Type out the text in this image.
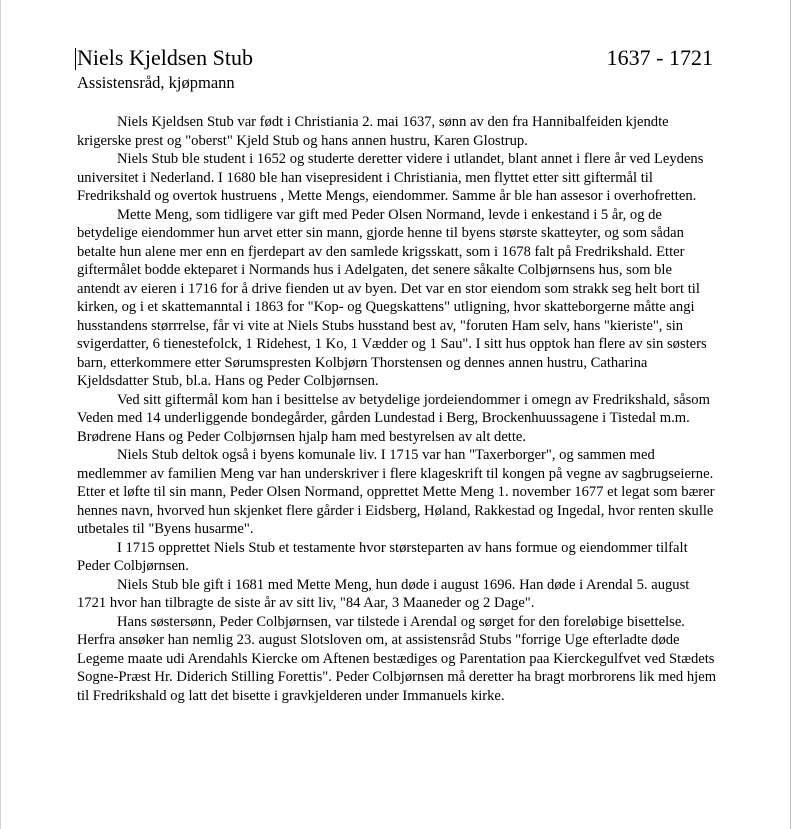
Niels Kjeldsen Stub	1637 - 1721
Assistensråd, kjøpmann

Niels Kjeldsen Stub var født i Christiania 2. mai 1637, sønn av den fra Hannibalfeiden kjendte krigerske prest og "oberst" Kjeld Stub og hans annen hustru, Karen Glostrup.

Niels Stub ble student i 1652 og studerte deretter videre i utlandet, blant annet i flere år ved Leydens universitet i Nederland. I 1680 ble han visepresident i Christiania, men flyttet etter sitt giftermål til Fredrikshald og overtok hustruens , Mette Mengs, eiendommer. Samme år ble han assesor i overhofretten.

Mette Meng, som tidligere var gift med Peder Olsen Normand, levde i enkestand i 5 år, og de betydelige eiendommer hun arvet etter sin mann, gjorde henne til byens største skatteyter, og som sådan betalte hun alene mer enn en fjerdepart av den samlede krigsskatt, som i 1678 falt på Fredrikshald. Etter giftermålet bodde ekteparet i Normands hus i Adelgaten, det senere såkalte Colbjørnsens hus, som ble antendt av eieren i 1716 for å drive fienden ut av byen. Det var en stor eiendom som strakk seg helt bort til kirken, og i et skattemanntal i 1863 for "Kop- og Quegskattens" utligning, hvor skatteborgerne måtte angi husstandens størrrelse, får vi vite at Niels Stubs husstand best av, "foruten Ham selv, hans "kieriste", sin svigerdatter, 6 tienestefolck, 1 Ridehest, 1 Ko, 1 Vædder og 1 Sau". I sitt hus opptok han flere av sin søsters barn, etterkommere etter Sørumspresten Kolbjørn Thorstensen og dennes annen hustru, Catharina Kjeldsdatter Stub, bl.a. Hans og Peder Colbjørnsen.

Ved sitt giftermål kom han i besittelse av betydelige jordeiendommer i omegn av Fredrikshald, såsom Veden med 14 underliggende bondegårder, gården Lundestad i Berg, Brockenhuussagene i Tistedal m.m. Brødrene Hans og Peder Colbjørnsen hjalp ham med bestyrelsen av alt dette.

Niels Stub deltok også i byens komunale liv. I 1715 var han "Taxerborger", og sammen med medlemmer av familien Meng var han underskriver i flere klageskrift til kongen på vegne av sagbrugseierne. Etter et løfte til sin mann, Peder Olsen Normand, opprettet Mette Meng 1. november 1677 et legat som bærer hennes navn, hvorved hun skjenket flere gårder i Eidsberg, Høland, Rakkestad og Ingedal, hvor renten skulle utbetales til "Byens husarme".

I 1715 opprettet Niels Stub et testamente hvor størsteparten av hans formue og eiendommer tilfalt Peder Colbjørnsen.

Niels Stub ble gift i 1681 med Mette Meng, hun døde i august 1696. Han døde i Arendal 5. august 1721 hvor han tilbragte de siste år av sitt liv, "84 Aar, 3 Maaneder og 2 Dage".

Hans søstersønn, Peder Colbjørnsen, var tilstede i Arendal og sørget for den foreløbige bisettelse. Herfra ansøker han nemlig 23. august Slotsloven om, at assistensråd Stubs "forrige Uge efterladte døde Legeme maate udi Arendahls Kiercke om Aftenen bestædiges og Parentation paa Kierckegulfvet ved Stædets Sogne-Præst Hr. Diderich Stilling Forettis". Peder Colbjørnsen må deretter ha bragt morbrorens lik med hjem til Fredrikshald og latt det bisette i gravkjelderen under Immanuels kirke.
